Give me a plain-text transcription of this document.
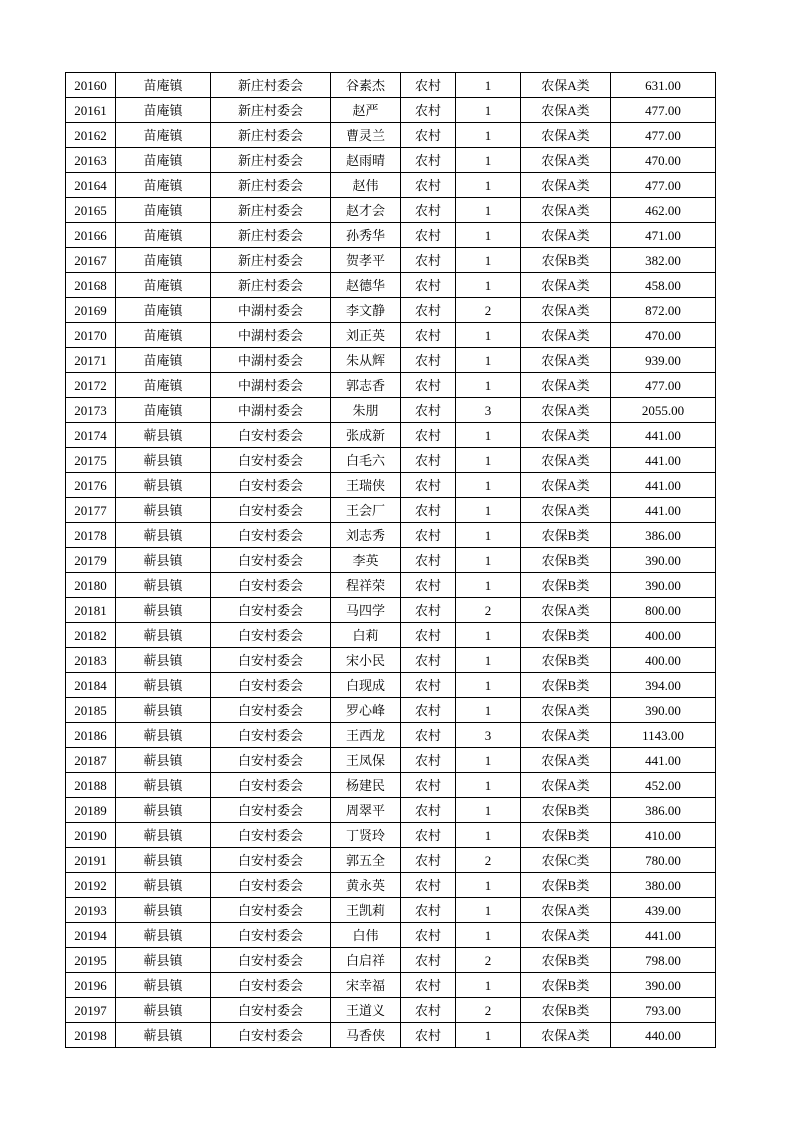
20160	苗庵镇	新庄村委会	谷素杰	农村	1	农保A类	631.00
20161	苗庵镇	新庄村委会	赵严	农村	1	农保A类	477.00
20162	苗庵镇	新庄村委会	曹灵兰	农村	1	农保A类	477.00
20163	苗庵镇	新庄村委会	赵雨晴	农村	1	农保A类	470.00
20164	苗庵镇	新庄村委会	赵伟	农村	1	农保A类	477.00
20165	苗庵镇	新庄村委会	赵才会	农村	1	农保A类	462.00
20166	苗庵镇	新庄村委会	孙秀华	农村	1	农保A类	471.00
20167	苗庵镇	新庄村委会	贺孝平	农村	1	农保B类	382.00
20168	苗庵镇	新庄村委会	赵德华	农村	1	农保A类	458.00
20169	苗庵镇	中湖村委会	李文静	农村	2	农保A类	872.00
20170	苗庵镇	中湖村委会	刘正英	农村	1	农保A类	470.00
20171	苗庵镇	中湖村委会	朱从辉	农村	1	农保A类	939.00
20172	苗庵镇	中湖村委会	郭志香	农村	1	农保A类	477.00
20173	苗庵镇	中湖村委会	朱朋	农村	3	农保A类	2055.00
20174	蕲县镇	白安村委会	张成新	农村	1	农保A类	441.00
20175	蕲县镇	白安村委会	白毛六	农村	1	农保A类	441.00
20176	蕲县镇	白安村委会	王瑞侠	农村	1	农保A类	441.00
20177	蕲县镇	白安村委会	王会厂	农村	1	农保A类	441.00
20178	蕲县镇	白安村委会	刘志秀	农村	1	农保B类	386.00
20179	蕲县镇	白安村委会	李英	农村	1	农保B类	390.00
20180	蕲县镇	白安村委会	程祥荣	农村	1	农保B类	390.00
20181	蕲县镇	白安村委会	马四学	农村	2	农保A类	800.00
20182	蕲县镇	白安村委会	白莉	农村	1	农保B类	400.00
20183	蕲县镇	白安村委会	宋小民	农村	1	农保B类	400.00
20184	蕲县镇	白安村委会	白现成	农村	1	农保B类	394.00
20185	蕲县镇	白安村委会	罗心峰	农村	1	农保A类	390.00
20186	蕲县镇	白安村委会	王西龙	农村	3	农保A类	1143.00
20187	蕲县镇	白安村委会	王凤保	农村	1	农保A类	441.00
20188	蕲县镇	白安村委会	杨建民	农村	1	农保A类	452.00
20189	蕲县镇	白安村委会	周翠平	农村	1	农保B类	386.00
20190	蕲县镇	白安村委会	丁贤玲	农村	1	农保B类	410.00
20191	蕲县镇	白安村委会	郭五全	农村	2	农保C类	780.00
20192	蕲县镇	白安村委会	黄永英	农村	1	农保B类	380.00
20193	蕲县镇	白安村委会	王凯莉	农村	1	农保A类	439.00
20194	蕲县镇	白安村委会	白伟	农村	1	农保A类	441.00
20195	蕲县镇	白安村委会	白启祥	农村	2	农保B类	798.00
20196	蕲县镇	白安村委会	宋幸福	农村	1	农保B类	390.00
20197	蕲县镇	白安村委会	王道义	农村	2	农保B类	793.00
20198	蕲县镇	白安村委会	马香侠	农村	1	农保A类	440.00
